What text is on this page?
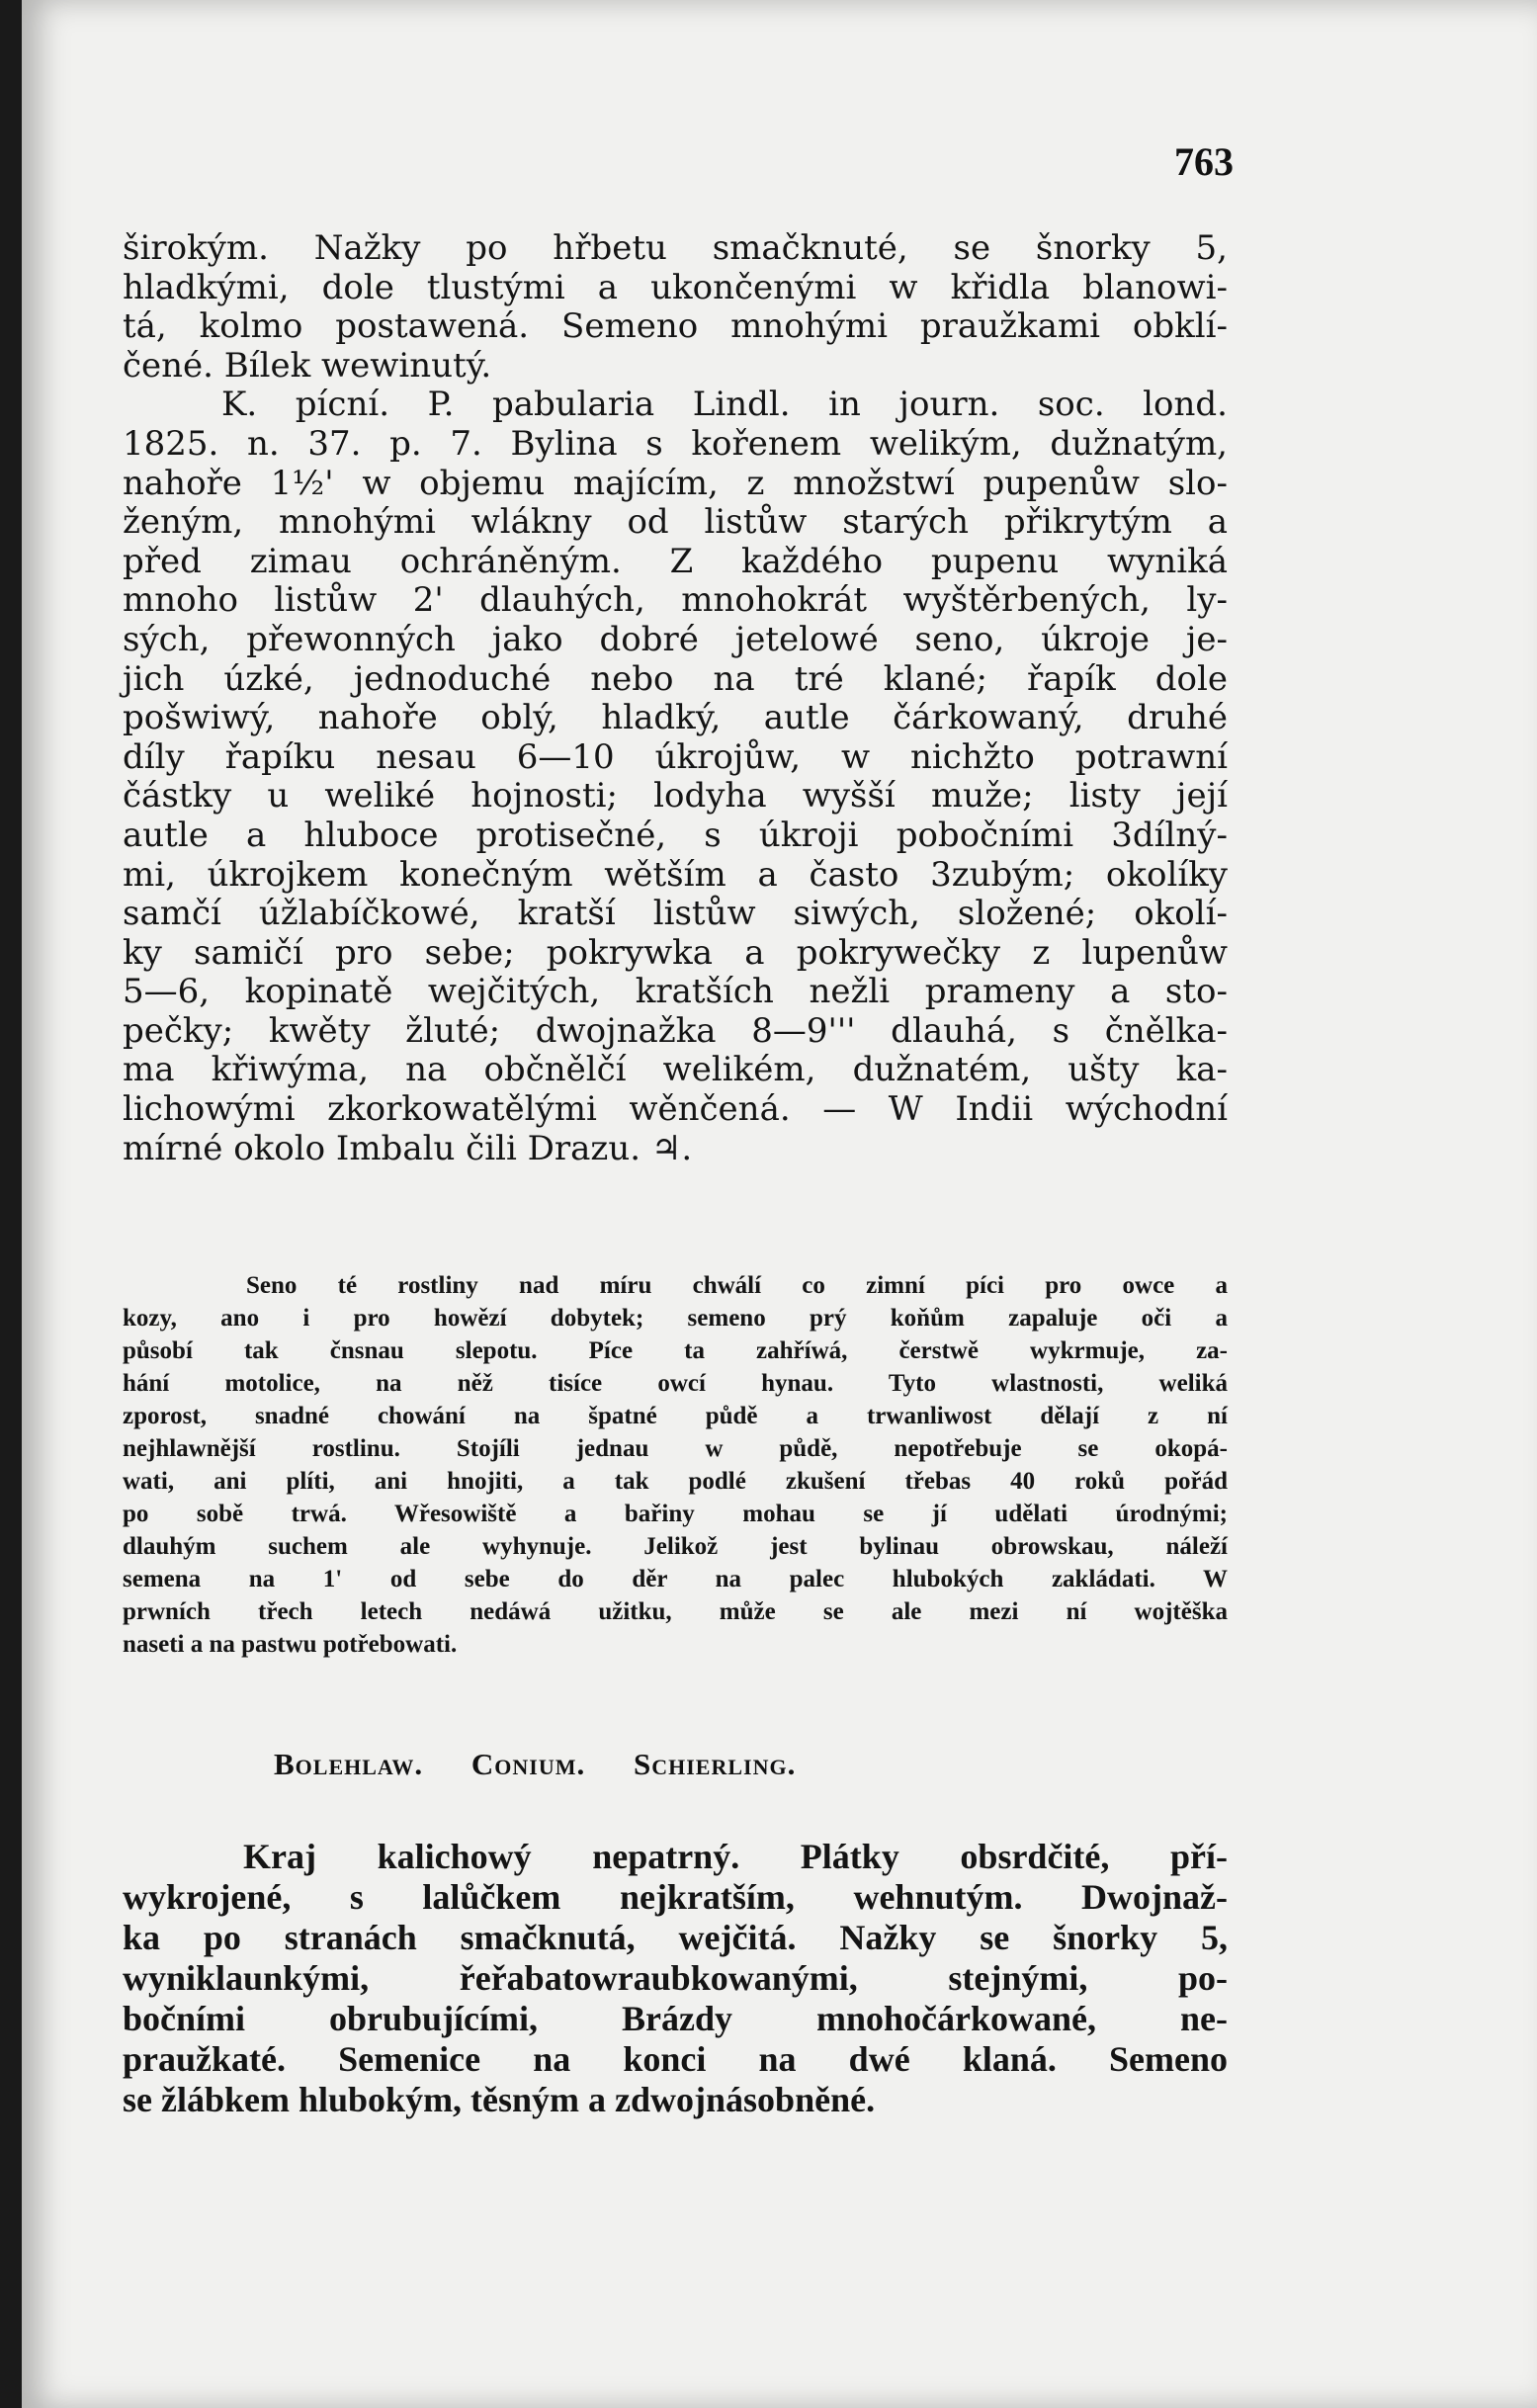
763
širokým. Nažky po hřbetu smačknuté, se šnorky 5,
hladkými, dole tlustými a ukončenými w křidla blanowi-
tá, kolmo postawená. Semeno mnohými praužkami obklí-
čené. Bílek wewinutý.
K. pícní. P. pabularia Lindl. in journ. soc. lond.
1825. n. 37. p. 7. Bylina s kořenem welikým, dužnatým,
nahoře 1½' w objemu majícím, z množstwí pupenůw slo-
ženým, mnohými wlákny od listůw starých přikrytým a
před zimau ochráněným. Z každého pupenu wyniká
mnoho listůw 2' dlauhých, mnohokrát wyštěrbených, ly-
sých, přewonných jako dobré jetelowé seno, úkroje je-
jich úzké, jednoduché nebo na tré klané; řapík dole
pošwiwý, nahoře oblý, hladký, autle čárkowaný, druhé
díly řapíku nesau 6—10 úkrojůw, w nichžto potrawní
částky u weliké hojnosti; lodyha wyšší muže; listy její
autle a hluboce protisečné, s úkroji pobočními 3dílný-
mi, úkrojkem konečným wětším a často 3zubým; okolíky
samčí úžlabíčkowé, kratší listůw siwých, složené; okolí-
ky samičí pro sebe; pokrywka a pokrywečky z lupenůw
5—6, kopinatě wejčitých, kratších nežli prameny a sto-
pečky; kwěty žluté; dwojnažka 8—9''' dlauhá, s čnělka-
ma křiwýma, na občnělčí welikém, dužnatém, ušty ka-
lichowými zkorkowatělými wěnčená. — W Indii wýchodní
mírné okolo Imbalu čili Drazu. ♃.
Seno té rostliny nad míru chwálí co zimní píci pro owce a
kozy, ano i pro howězí dobytek; semeno prý koňům zapaluje oči a
působí tak čnsnau slepotu. Píce ta zahříwá, čerstwě wykrmuje, za-
hání motolice, na něž tisíce owcí hynau. Tyto wlastnosti, weliká
zporost, snadné chowání na špatné půdě a trwanliwost dělají z ní
nejhlawnější rostlinu. Stojíli jednau w půdě, nepotřebuje se okopá-
wati, ani plíti, ani hnojiti, a tak podlé zkušení třebas 40 roků pořád
po sobě trwá. Wřesowiště a bařiny mohau se jí udělati úrodnými;
dlauhým suchem ale wyhynuje. Jelikož jest bylinau obrowskau, náleží
semena na 1' od sebe do děr na palec hlubokých zakládati. W
prwních třech letech nedáwá užitku, může se ale mezi ní wojtěška
naseti a na pastwu potřebowati.
Bolehlaw. Conium. Schierling.
Kraj kalichowý nepatrný. Plátky obsrdčité, pří-
wykrojené, s lalůčkem nejkratším, wehnutým. Dwojnaž-
ka po stranách smačknutá, wejčitá. Nažky se šnorky 5,
wyniklaunkými, řeřabatowraubkowanými, stejnými, po-
bočními obrubujícími, Brázdy mnohočárkowané, ne-
praužkaté. Semenice na konci na dwé klaná. Semeno
se žlábkem hlubokým, těsným a zdwojnásobněné.
